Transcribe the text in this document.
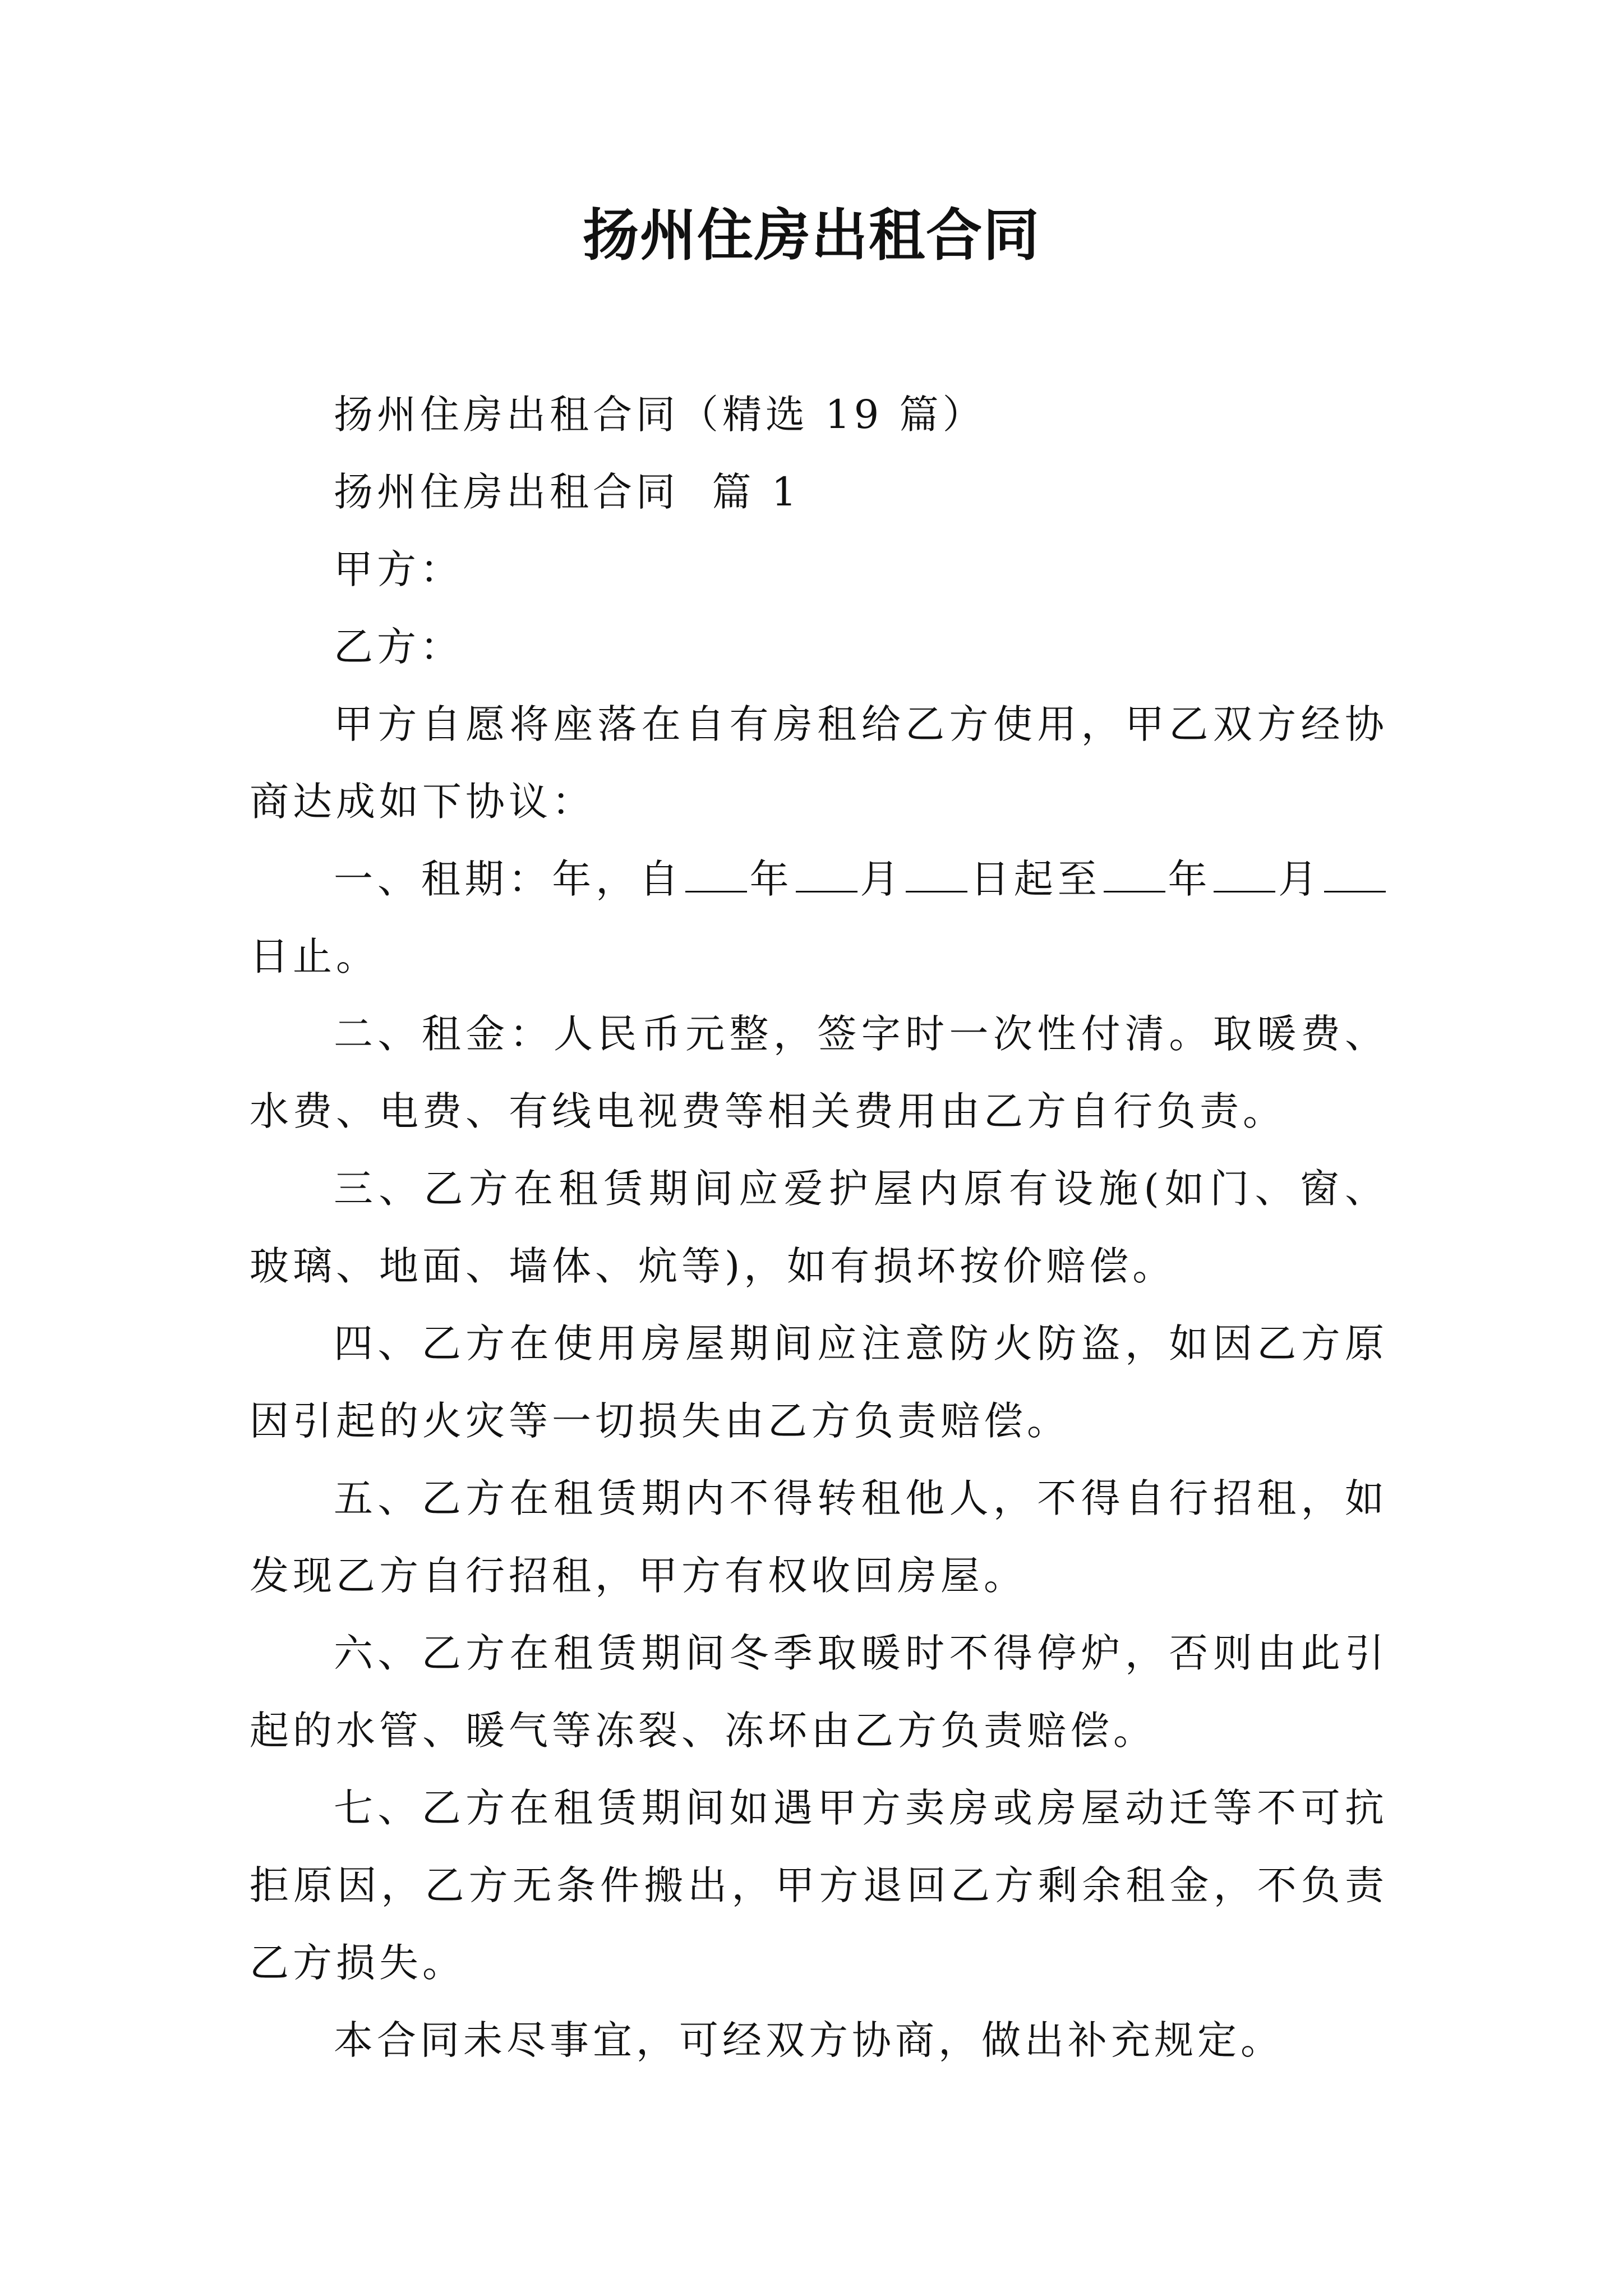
扬州住房出租合同

扬州住房出租合同（精选 19 篇）

扬州住房出租合同  篇 1

甲方：

乙方：

甲方自愿将座落在自有房租给乙方使用，甲乙双方经协商达成如下协议：

一、租期：年，自 年 月 日起至 年 月日止。

二、租金：人民币元整，签字时一次性付清。取暖费、水费、电费、有线电视费等相关费用由乙方自行负责。

三、乙方在租赁期间应爱护屋内原有设施(如门、窗、玻璃、地面、墙体、炕等)，如有损坏按价赔偿。

四、乙方在使用房屋期间应注意防火防盗，如因乙方原因引起的火灾等一切损失由乙方负责赔偿。

五、乙方在租赁期内不得转租他人，不得自行招租，如发现乙方自行招租，甲方有权收回房屋。

六、乙方在租赁期间冬季取暖时不得停炉，否则由此引起的水管、暖气等冻裂、冻坏由乙方负责赔偿。

七、乙方在租赁期间如遇甲方卖房或房屋动迁等不可抗拒原因，乙方无条件搬出，甲方退回乙方剩余租金，不负责乙方损失。

本合同未尽事宜，可经双方协商，做出补充规定。
